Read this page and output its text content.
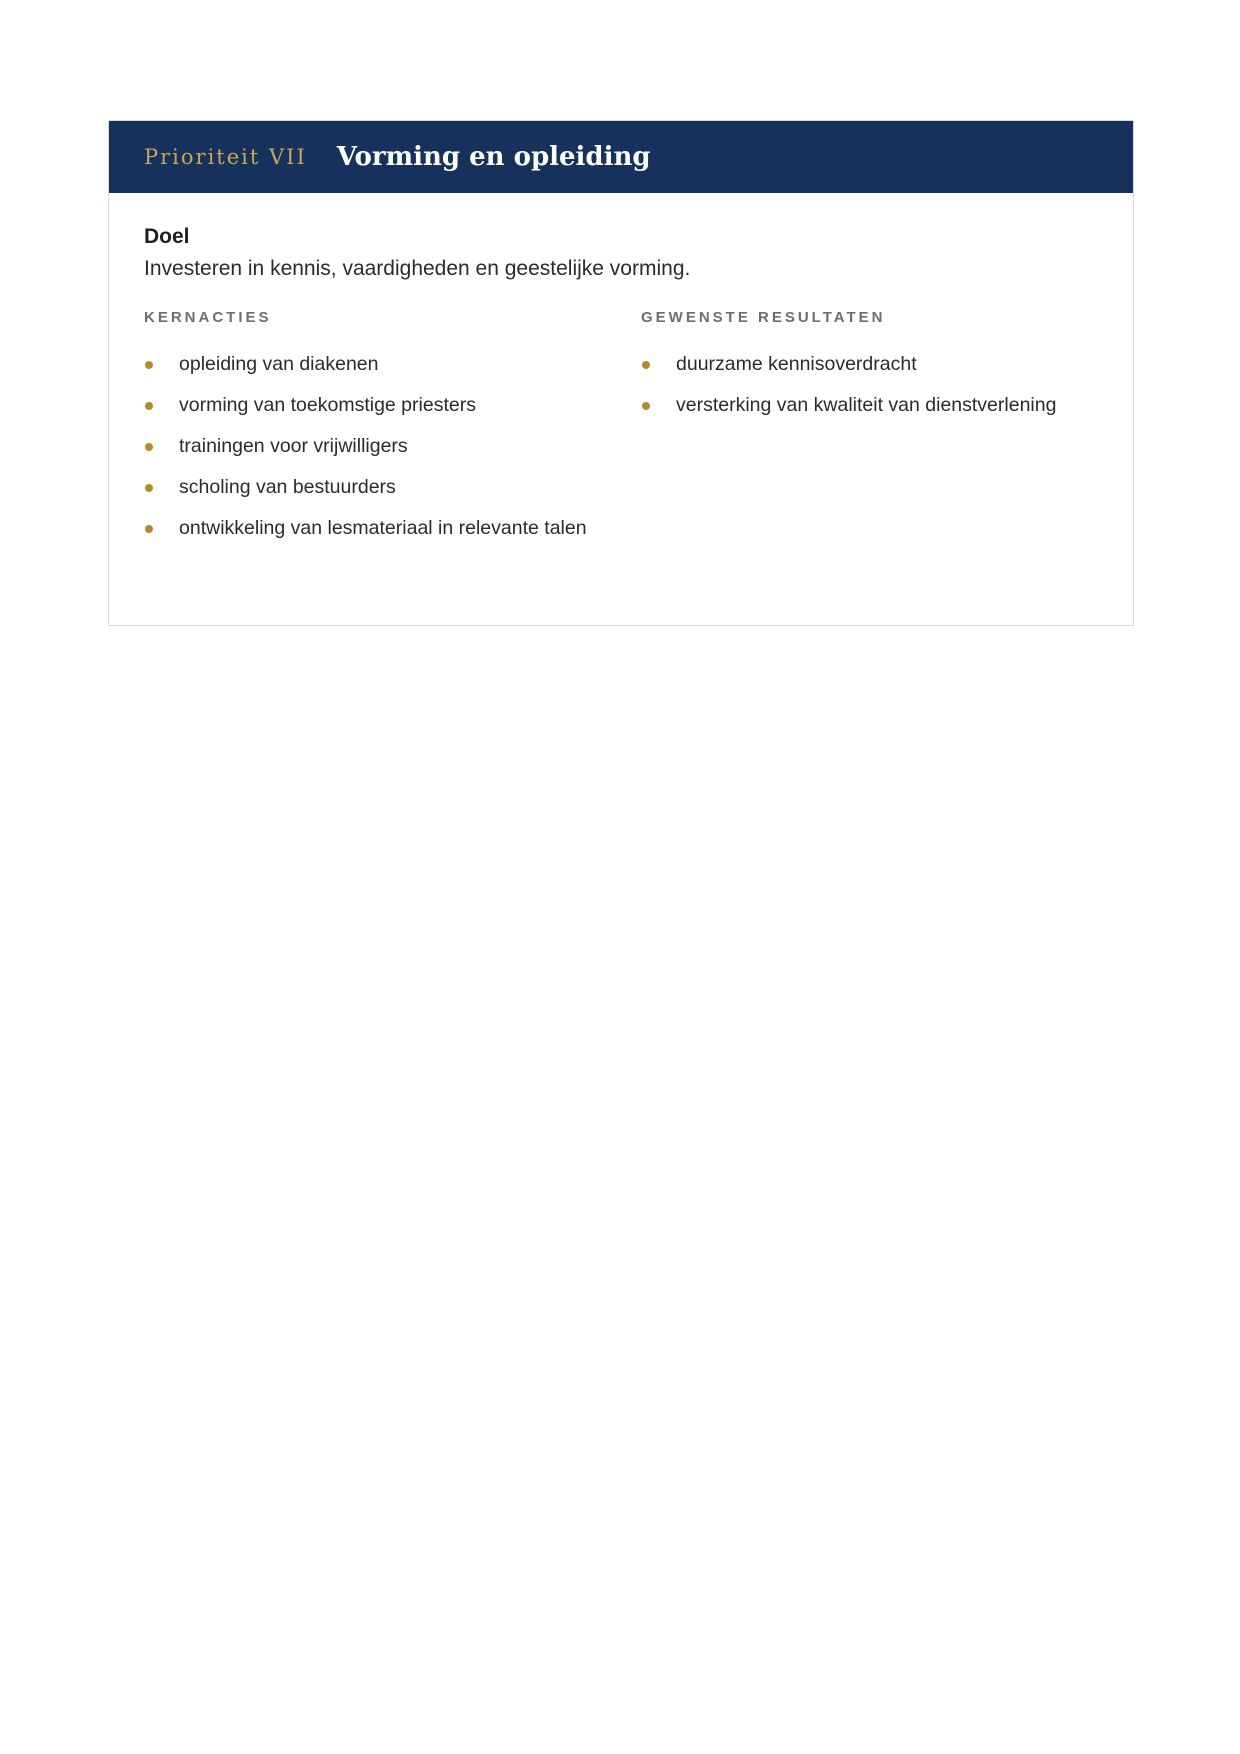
Prioriteit VII Vorming en opleiding
Doel
Investeren in kennis, vaardigheden en geestelijke vorming.
KERNACTIES
opleiding van diakenen
vorming van toekomstige priesters
trainingen voor vrijwilligers
scholing van bestuurders
ontwikkeling van lesmateriaal in relevante talen
GEWENSTE RESULTATEN
duurzame kennisoverdracht
versterking van kwaliteit van dienstverlening
